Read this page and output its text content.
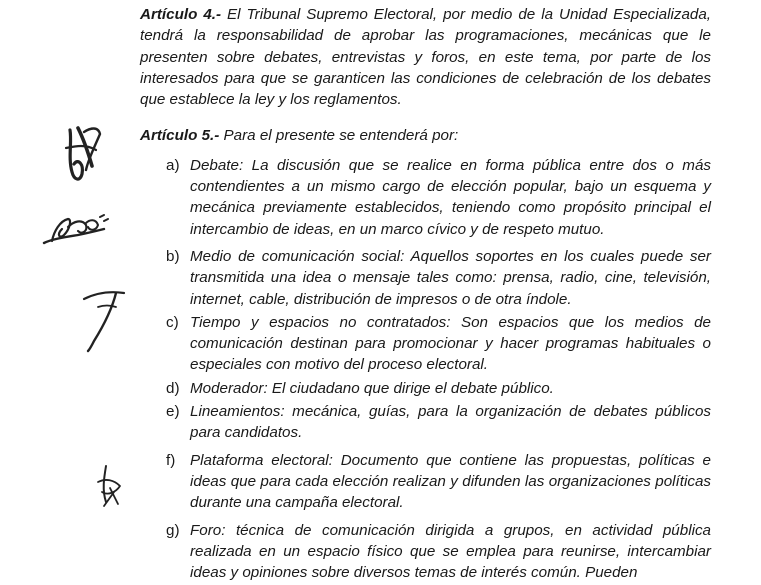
Artículo 4.- El Tribunal Supremo Electoral, por medio de la Unidad Especializada, tendrá la responsabilidad de aprobar las programaciones, mecánicas que le presenten sobre debates, entrevistas y foros, en este tema, por parte de los interesados para que se garanticen las condiciones de celebración de los debates que establece la ley y los reglamentos.

Artículo 5.- Para el presente se entenderá por:

a) Debate: La discusión que se realice en forma pública entre dos o más contendientes a un mismo cargo de elección popular, bajo un esquema y mecánica previamente establecidos, teniendo como propósito principal el intercambio de ideas, en un marco cívico y de respeto mutuo.
b) Medio de comunicación social: Aquellos soportes en los cuales puede ser transmitida una idea o mensaje tales como: prensa, radio, cine, televisión, internet, cable, distribución de impresos o de otra índole.
c) Tiempo y espacios no contratados: Son espacios que los medios de comunicación destinan para promocionar y hacer programas habituales o especiales con motivo del proceso electoral.
d) Moderador: El ciudadano que dirige el debate público.
e) Lineamientos: mecánica, guías, para la organización de debates públicos para candidatos.
f) Plataforma electoral: Documento que contiene las propuestas, políticas e ideas que para cada elección realizan y difunden las organizaciones políticas durante una campaña electoral.
g) Foro: técnica de comunicación dirigida a grupos, en actividad pública realizada en un espacio físico que se emplea para reunirse, intercambiar ideas y opiniones sobre diversos temas de interés común. Pueden
